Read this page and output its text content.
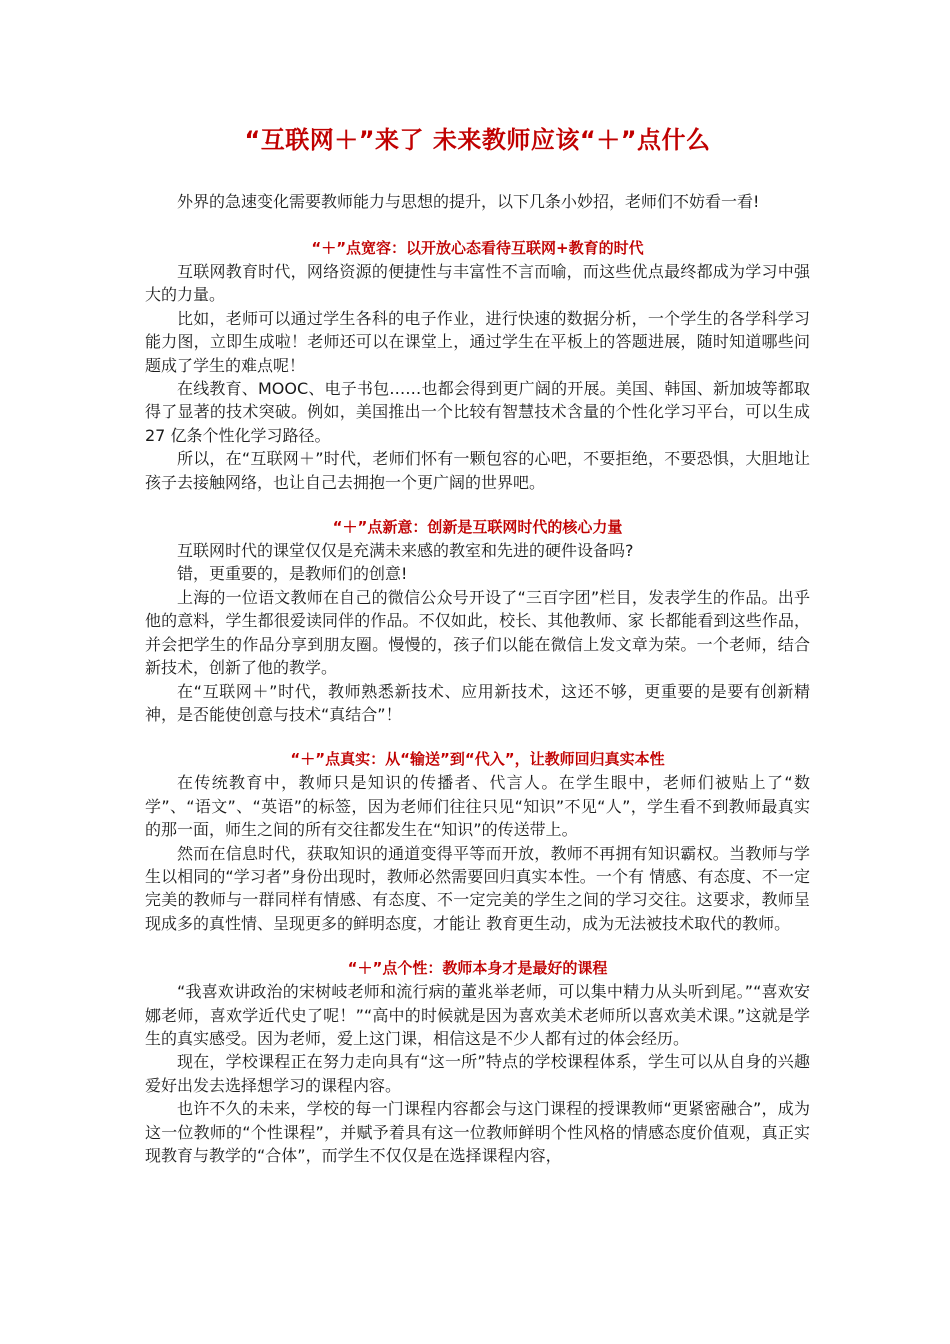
“互联网＋”来了 未来教师应该“＋”点什么

外界的急速变化需要教师能力与思想的提升，以下几条小妙招，老师们不妨看一看!

“＋”点宽容：以开放心态看待互联网+教育的时代

互联网教育时代，网络资源的便捷性与丰富性不言而喻，而这些优点最终都成为学习中强大的力量。

比如，老师可以通过学生各科的电子作业，进行快速的数据分析，一个学生的各学科学习能力图，立即生成啦！老师还可以在课堂上，通过学生在平板上的答题进展，随时知道哪些问题成了学生的难点呢！

在线教育、MOOC、电子书包……也都会得到更广阔的开展。美国、韩国、新加坡等都取得了显著的技术突破。例如，美国推出一个比较有智慧技术含量的个性化学习平台，可以生成 27 亿条个性化学习路径。

所以，在“互联网＋”时代，老师们怀有一颗包容的心吧，不要拒绝，不要恐惧，大胆地让孩子去接触网络，也让自己去拥抱一个更广阔的世界吧。

“＋”点新意：创新是互联网时代的核心力量

互联网时代的课堂仅仅是充满未来感的教室和先进的硬件设备吗?

错，更重要的，是教师们的创意!

上海的一位语文教师在自己的微信公众号开设了“三百字团”栏目，发表学生的作品。出乎他的意料，学生都很爱读同伴的作品。不仅如此，校长、其他教师、家 长都能看到这些作品，并会把学生的作品分享到朋友圈。慢慢的，孩子们以能在微信上发文章为荣。一个老师，结合新技术，创新了他的教学。

在“互联网＋”时代，教师熟悉新技术、应用新技术，这还不够，更重要的是要有创新精神，是否能使创意与技术“真结合”！

“＋”点真实：从“输送”到“代入”，让教师回归真实本性

在传统教育中，教师只是知识的传播者、代言人。在学生眼中，老师们被贴上了“数学”、“语文”、“英语”的标签，因为老师们往往只见“知识”不见“人”，学生看不到教师最真实的那一面，师生之间的所有交往都发生在“知识”的传送带上。

然而在信息时代，获取知识的通道变得平等而开放，教师不再拥有知识霸权。当教师与学生以相同的“学习者”身份出现时，教师必然需要回归真实本性。一个有 情感、有态度、不一定完美的教师与一群同样有情感、有态度、不一定完美的学生之间的学习交往。这要求，教师呈现成多的真性情、呈现更多的鲜明态度，才能让 教育更生动，成为无法被技术取代的教师。

“＋”点个性：教师本身才是最好的课程

“我喜欢讲政治的宋树岐老师和流行病的董兆举老师，可以集中精力从头听到尾。”“喜欢安娜老师，喜欢学近代史了呢！”“高中的时候就是因为喜欢美术老师所以喜欢美术课。”这就是学生的真实感受。因为老师，爱上这门课，相信这是不少人都有过的体会经历。

现在，学校课程正在努力走向具有“这一所”特点的学校课程体系，学生可以从自身的兴趣爱好出发去选择想学习的课程内容。

也许不久的未来，学校的每一门课程内容都会与这门课程的授课教师“更紧密融合”，成为这一位教师的“个性课程”，并赋予着具有这一位教师鲜明个性风格的情感态度价值观，真正实现教育与教学的“合体”，而学生不仅仅是在选择课程内容，
